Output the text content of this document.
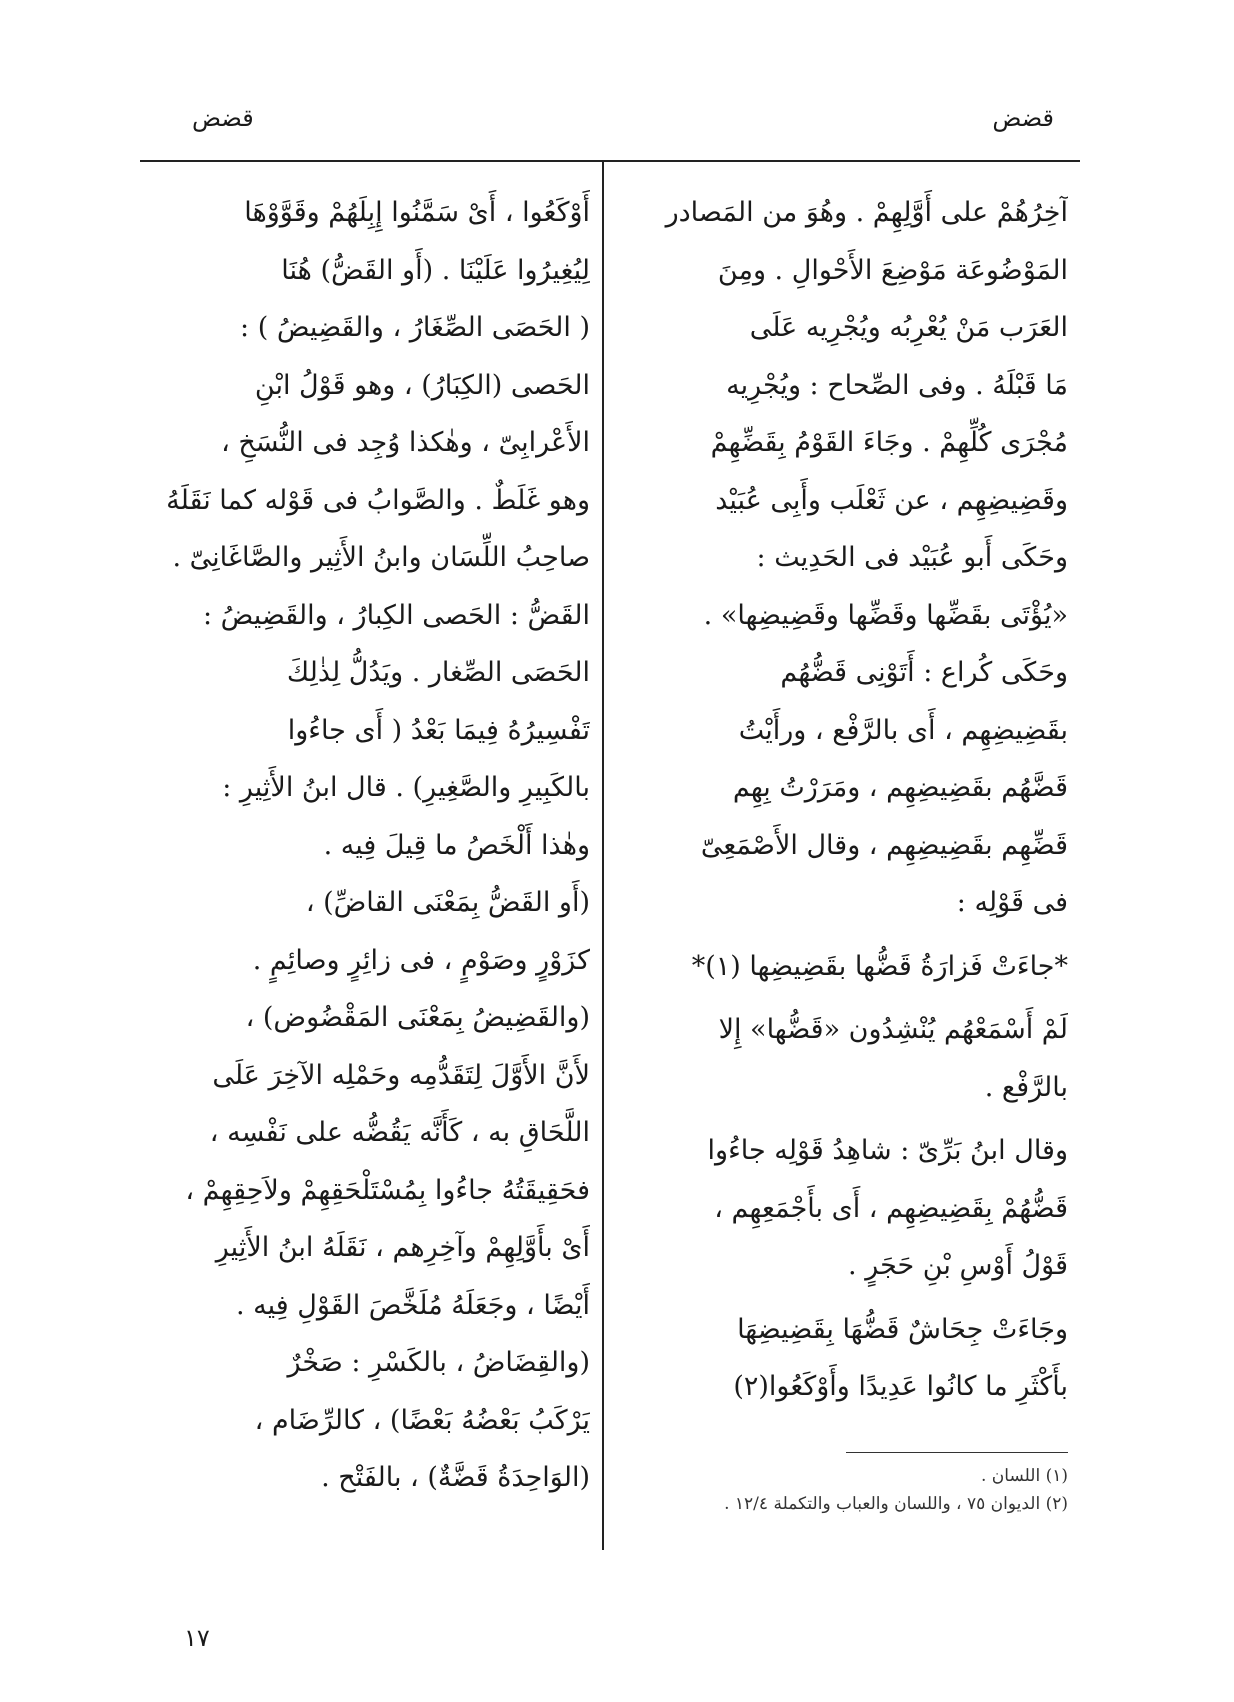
قضض
قضض
آخِرُهُمْ على أَوَّلِهِمْ . وهُوَ من المَصادر
المَوْضُوعَة مَوْضِعَ الأَحْوالِ . ومِنَ
العَرَب مَنْ يُعْرِبُه ويُجْرِيه عَلَى
مَا قَبْلَهُ . وفى الصِّحاح : ويُجْرِيه
مُجْرَى كُلِّهِمْ . وجَاءَ القَوْمُ بِقَضِّهِمْ
وقَضِيضِهِم ، عن ثَعْلَب وأَبِى عُبَيْد
وحَكَى أَبو عُبَيْد فى الحَدِيث :
«يُؤْتَى بقَضِّها وقَضِّها وقَضِيضِها» .
وحَكَى كُراع : أَتَوْنِى قَضُّهُم
بقَضِيضِهِم ، أَى بالرَّفْع ، ورأَيْتُ
قَضَّهُم بقَضِيضِهِم ، ومَرَرْتُ بِهِم
قَضِّهِم بقَضِيضِهِم ، وقال الأَصْمَعِىّ
فى قَوْلِه :
*جاءَتْ فَزارَةُ قَضُّها بقَضِيضِها (١)*
لَمْ أَسْمَعْهُم يُنْشِدُون «قَضُّها» إِلا
بالرَّفْع .
وقال ابنُ بَرِّىّ : شاهِدُ قَوْلِه جاءُوا
قَضُّهُمْ بِقَضِيضِهِم ، أَى بأَجْمَعِهِم ،
قَوْلُ أَوْسِ بْنِ حَجَرٍ .
وجَاءَتْ جِحَاشٌ قَضُّهَا بِقَضِيضِهَا
بأَكْثَرِ ما كانُوا عَدِيدًا وأَوْكَعُوا(٢)
أَوْكَعُوا ، أَىْ سَمَّنُوا إِبِلَهُمْ وقَوَّوْهَا
لِيُغِيرُوا عَلَيْنَا . (أَو القَضُّ) هُنَا
( الحَصَى الصِّغَارُ ، والقَضِيضُ ) :
الحَصى (الكِبَارُ) ، وهو قَوْلُ ابْنِ
الأَعْرابِىّ ، وهٰكذا وُجِد فى النُّسَخِ ،
وهو غَلَطٌ . والصَّوابُ فى قَوْله كما نَقَلَهُ
صاحِبُ اللِّسَان وابنُ الأَثِير والصَّاغَانِىّ .
القَضُّ : الحَصى الكِبارُ ، والقَضِيضُ :
الحَصَى الصِّغار . ويَدُلُّ لِذٰلِكَ
تَفْسِيرُهُ فِيمَا بَعْدُ ( أَى جاءُوا
بالكَبِيرِ والصَّغِيرِ) . قال ابنُ الأَثِيرِ :
وهٰذا أَلْخَصُ ما قِيلَ فِيه .
(أَو القَضُّ بِمَعْنَى القاضِّ) ،
كزَوْرٍ وصَوْمٍ ، فى زائِرٍ وصائِمٍ .
(والقَضِيضُ بِمَعْنَى المَقْضُوض) ،
لأَنَّ الأَوَّلَ لِتَقَدُّمِه وحَمْلِه الآخِرَ عَلَى
اللَّحَاقِ به ، كَأَنَّه يَقُضُّه على نَفْسِه ،
فحَقِيقَتُهُ جاءُوا بِمُسْتَلْحَقِهِمْ ولاَحِقِهِمْ ،
أَىْ بأَوَّلِهِمْ وآخِرِهم ، نَقَلَهُ ابنُ الأَثِيرِ
أَيْضًا ، وجَعَلَهُ مُلَخَّصَ القَوْلِ فِيه .
(والقِضَاضُ ، بالكَسْرِ : صَخْرٌ
يَرْكَبُ بَعْضُهُ بَعْضًا) ، كالرِّضَام ،
(الوَاحِدَةُ قَضَّةٌ) ، بالفَتْح .	(١) اللسان .
(٢) الديوان ٧٥ ، واللسان والعباب والتكملة ١٢/٤ .
١٧
